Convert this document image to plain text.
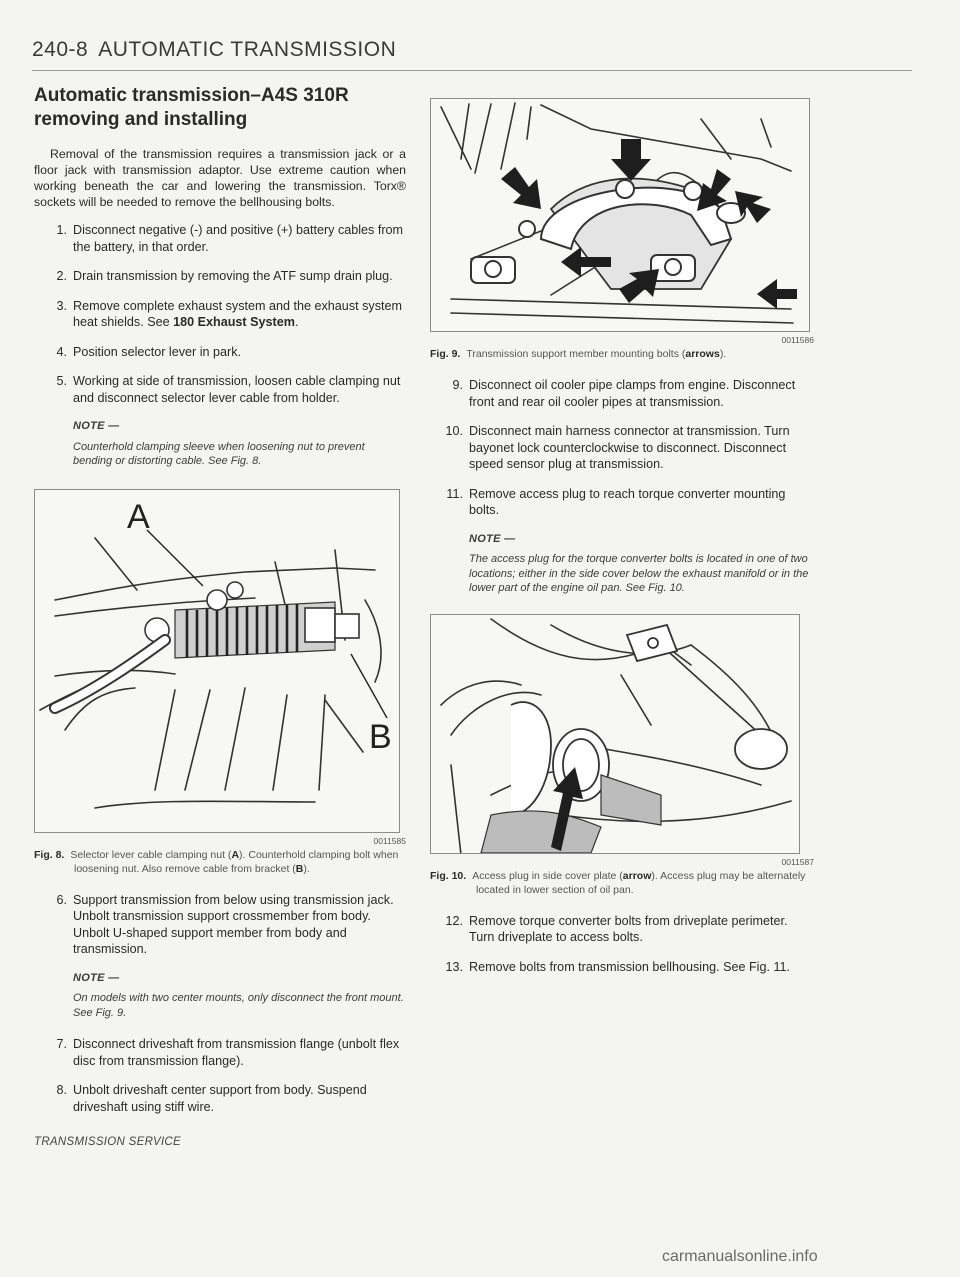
240-8 AUTOMATIC TRANSMISSION
Automatic transmission–A4S 310R removing and installing

Removal of the transmission requires a transmission jack or a floor jack with transmission adaptor. Use extreme caution when working beneath the car and lowering the transmission. Torx® sockets will be needed to remove the bellhousing bolts.

1. Disconnect negative (-) and positive (+) battery cables from the battery, in that order.
2. Drain transmission by removing the ATF sump drain plug.
3. Remove complete exhaust system and the exhaust system heat shields. See 180 Exhaust System.
4. Position selector lever in park.
5. Working at side of transmission, loosen cable clamping nut and disconnect selector lever cable from holder.
NOTE —
Counterhold clamping sleeve when loosening nut to prevent bending or distorting cable. See Fig. 8.
A
B
0011585
Fig. 8. Selector lever cable clamping nut (A). Counterhold clamping bolt when loosening nut. Also remove cable from bracket (B).
6. Support transmission from below using transmission jack. Unbolt transmission support crossmember from body. Unbolt U-shaped support member from body and transmission.
NOTE —
On models with two center mounts, only disconnect the front mount. See Fig. 9.
7. Disconnect driveshaft from transmission flange (unbolt flex disc from transmission flange).
8. Unbolt driveshaft center support from body. Suspend driveshaft using stiff wire.
0011586
Fig. 9. Transmission support member mounting bolts (arrows).
9. Disconnect oil cooler pipe clamps from engine. Disconnect front and rear oil cooler pipes at transmission.
10. Disconnect main harness connector at transmission. Turn bayonet lock counterclockwise to disconnect. Disconnect speed sensor plug at transmission.
11. Remove access plug to reach torque converter mounting bolts.
NOTE —
The access plug for the torque converter bolts is located in one of two locations; either in the side cover below the exhaust manifold or in the lower part of the engine oil pan. See Fig. 10.
0011587
Fig. 10. Access plug in side cover plate (arrow). Access plug may be alternately located in lower section of oil pan.
12. Remove torque converter bolts from driveplate perimeter. Turn driveplate to access bolts.
13. Remove bolts from transmission bellhousing. See Fig. 11.
TRANSMISSION SERVICE
carmanualsonline.info
